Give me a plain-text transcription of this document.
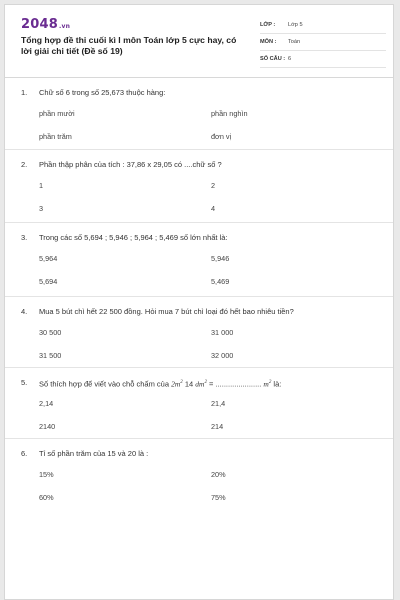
2048.vn
Tổng hợp đề thi cuối kì I môn Toán lớp 5 cực hay, có lời giải chi tiết (Đề số 19)
LỚP :	Lớp 5
MÔN :	Toán
SỐ CÂU : 6
1.	Chữ số 6 trong số 25,673 thuộc hàng:
phần mười	phần nghìn
phần trăm	đơn vị
2.	Phần thập phân của tích : 37,86 x 29,05 có ....chữ số ?
1	2
3	4
3.	Trong các số 5,694 ; 5,946 ; 5,964 ; 5,469 số lớn nhất là:
5,964	5,946
5,694	5,469
4.	Mua 5 bút chì hết 22 500 đồng. Hỏi mua 7 bút chì loại đó hết bao nhiêu tiền?
30 500	31 000
31 500	32 000
5.	Số thích hợp để viết vào chỗ chấm của $2m^2$ 14 $dm^2$ = ...................... $m^2$ là:
2,14	21,4
2140	214
6.	Tỉ số phần trăm của 15 và 20 là :
15%	20%
60%	75%
